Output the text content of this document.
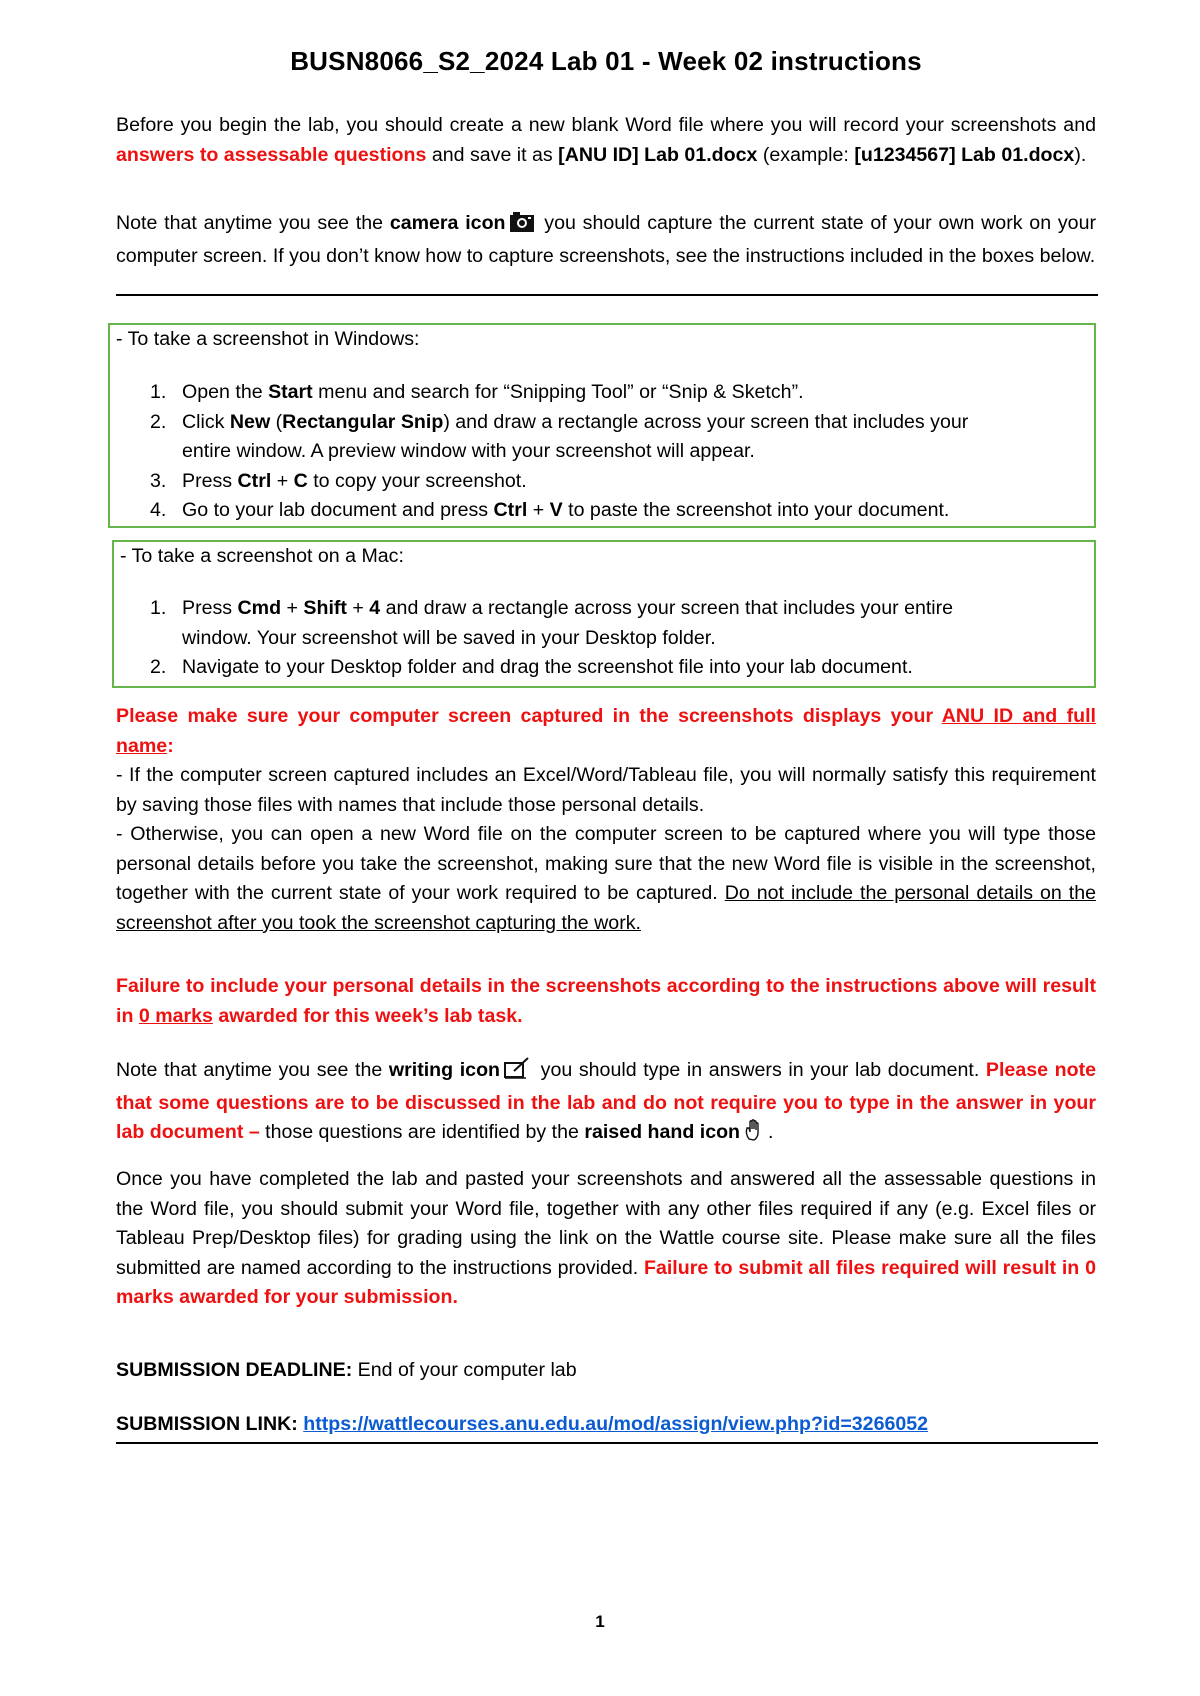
BUSN8066_S2_2024 Lab 01 - Week 02 instructions
Before you begin the lab, you should create a new blank Word file where you will record your screenshots and answers to assessable questions and save it as [ANU ID] Lab 01.docx (example: [u1234567] Lab 01.docx).
Note that anytime you see the camera icon you should capture the current state of your own work on your computer screen. If you don’t know how to capture screenshots, see the instructions included in the boxes below.
- To take a screenshot in Windows:
1. Open the Start menu and search for “Snipping Tool” or “Snip & Sketch”.
2. Click New (Rectangular Snip) and draw a rectangle across your screen that includes your entire window. A preview window with your screenshot will appear.
3. Press Ctrl + C to copy your screenshot.
4. Go to your lab document and press Ctrl + V to paste the screenshot into your document.
- To take a screenshot on a Mac:
1. Press Cmd + Shift + 4 and draw a rectangle across your screen that includes your entire window. Your screenshot will be saved in your Desktop folder.
2. Navigate to your Desktop folder and drag the screenshot file into your lab document.
Please make sure your computer screen captured in the screenshots displays your ANU ID and full name:
- If the computer screen captured includes an Excel/Word/Tableau file, you will normally satisfy this requirement by saving those files with names that include those personal details.
- Otherwise, you can open a new Word file on the computer screen to be captured where you will type those personal details before you take the screenshot, making sure that the new Word file is visible in the screenshot, together with the current state of your work required to be captured. Do not include the personal details on the screenshot after you took the screenshot capturing the work.
Failure to include your personal details in the screenshots according to the instructions above will result in 0 marks awarded for this week’s lab task.
Note that anytime you see the writing icon you should type in answers in your lab document. Please note that some questions are to be discussed in the lab and do not require you to type in the answer in your lab document – those questions are identified by the raised hand icon .
Once you have completed the lab and pasted your screenshots and answered all the assessable questions in the Word file, you should submit your Word file, together with any other files required if any (e.g. Excel files or Tableau Prep/Desktop files) for grading using the link on the Wattle course site. Please make sure all the files submitted are named according to the instructions provided. Failure to submit all files required will result in 0 marks awarded for your submission.
SUBMISSION DEADLINE: End of your computer lab
SUBMISSION LINK: https://wattlecourses.anu.edu.au/mod/assign/view.php?id=3266052
1
